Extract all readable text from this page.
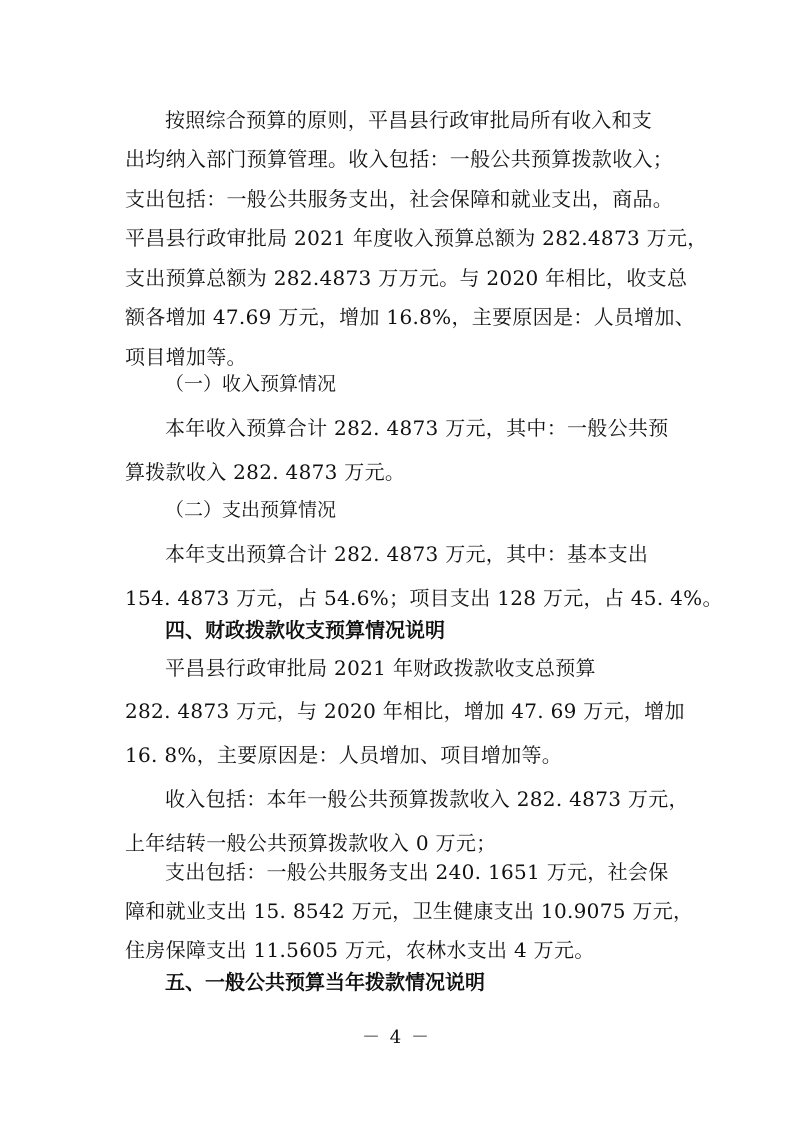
按照综合预算的原则，平昌县行政审批局所有收入和支
出均纳入部门预算管理。收入包括：一般公共预算拨款收入；
支出包括：一般公共服务支出，社会保障和就业支出，商品。
平昌县行政审批局 2021 年度收入预算总额为 282.4873 万元，
支出预算总额为 282.4873 万万元。与 2020 年相比，收支总
额各增加 47.69 万元，增加 16.8%，主要原因是：人员增加、
项目增加等。
（一）收入预算情况
本年收入预算合计 282. 4873 万元，其中：一般公共预
算拨款收入 282. 4873 万元。
（二）支出预算情况
本年支出预算合计 282. 4873 万元，其中：基本支出
154. 4873 万元，占 54.6%；项目支出 128 万元，占 45. 4%。
四、财政拨款收支预算情况说明
平昌县行政审批局 2021 年财政拨款收支总预算
282. 4873 万元，与 2020 年相比，增加 47. 69 万元，增加
16. 8%，主要原因是：人员增加、项目增加等。
收入包括：本年一般公共预算拨款收入 282. 4873 万元，
上年结转一般公共预算拨款收入 0 万元；
支出包括：一般公共服务支出 240. 1651 万元，社会保
障和就业支出 15. 8542 万元，卫生健康支出 10.9075 万元，
住房保障支出 11.5605 万元，农林水支出 4 万元。
五、一般公共预算当年拨款情况说明
－ 4 －
